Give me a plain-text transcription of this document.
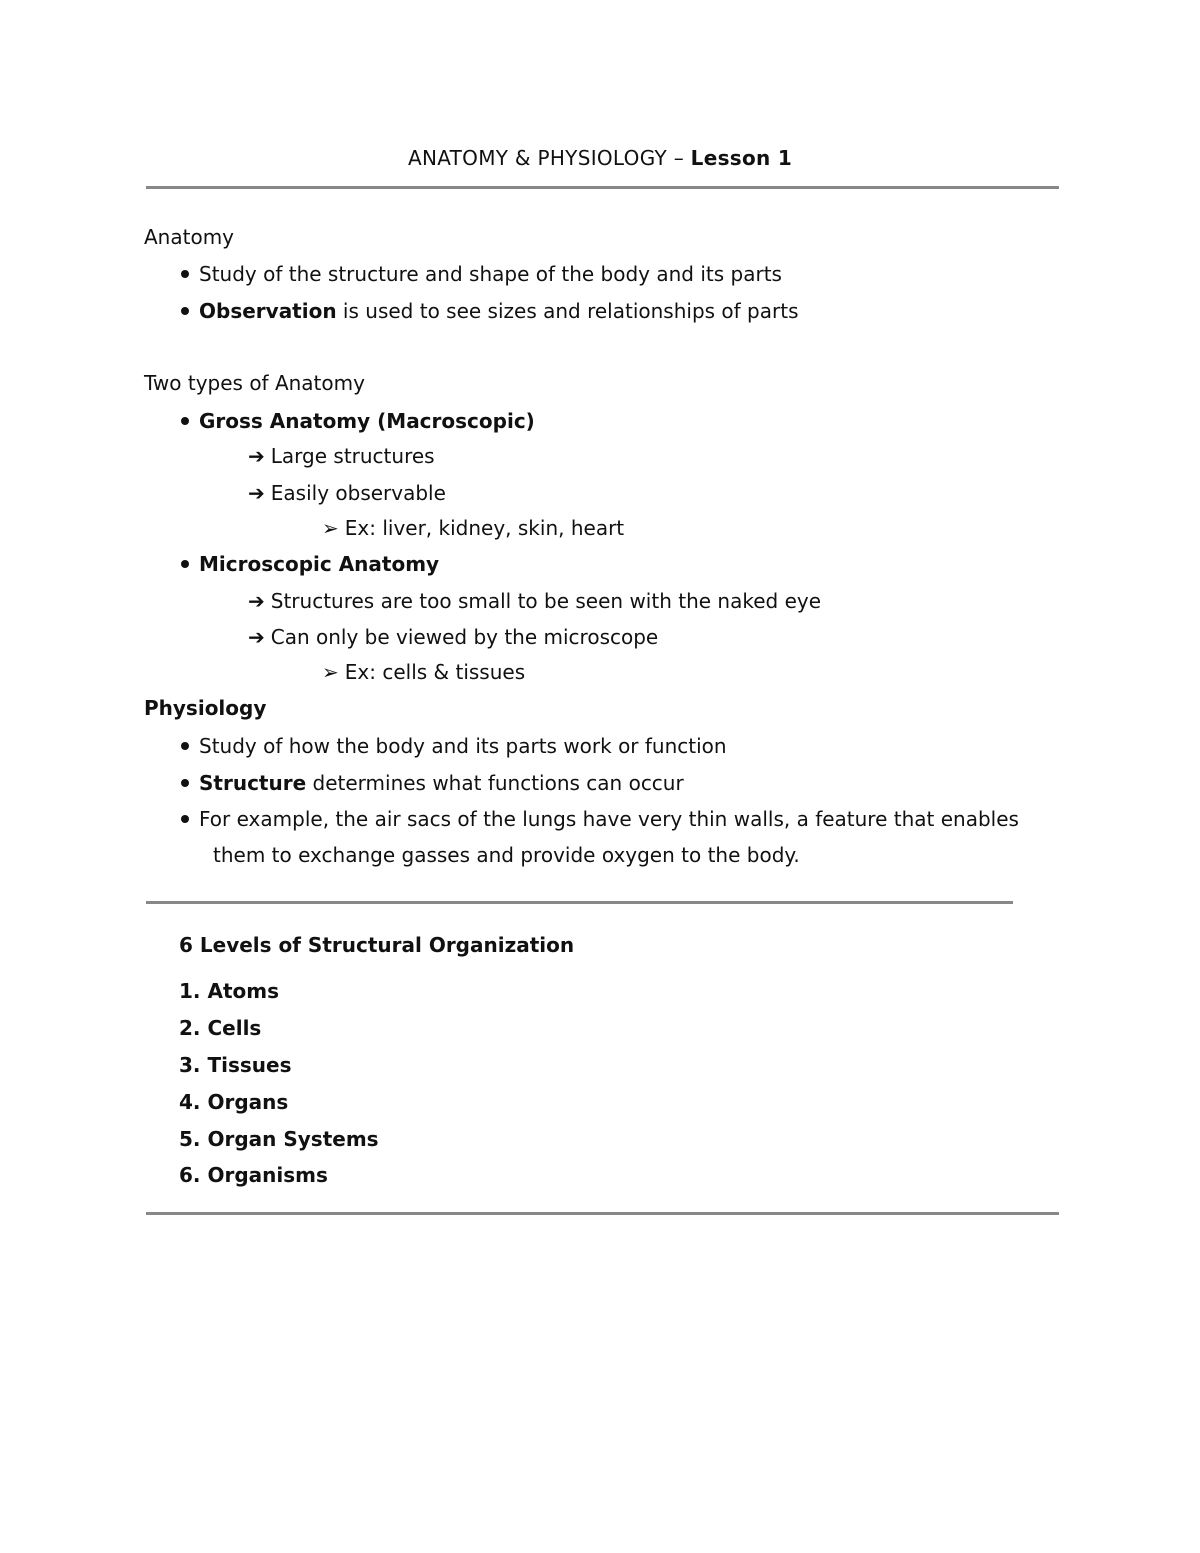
ANATOMY & PHYSIOLOGY – Lesson 1
Anatomy
Study of the structure and shape of the body and its parts
Observation is used to see sizes and relationships of parts
Two types of Anatomy
Gross Anatomy (Macroscopic)
➔ Large structures
➔ Easily observable
➢ Ex: liver, kidney, skin, heart
Microscopic Anatomy
➔ Structures are too small to be seen with the naked eye
➔ Can only be viewed by the microscope
➢ Ex: cells & tissues
Physiology
Study of how the body and its parts work or function
Structure determines what functions can occur
For example, the air sacs of the lungs have very thin walls, a feature that enables
them to exchange gasses and provide oxygen to the body.
6 Levels of Structural Organization
1. Atoms
2. Cells
3. Tissues
4. Organs
5. Organ Systems
6. Organisms
